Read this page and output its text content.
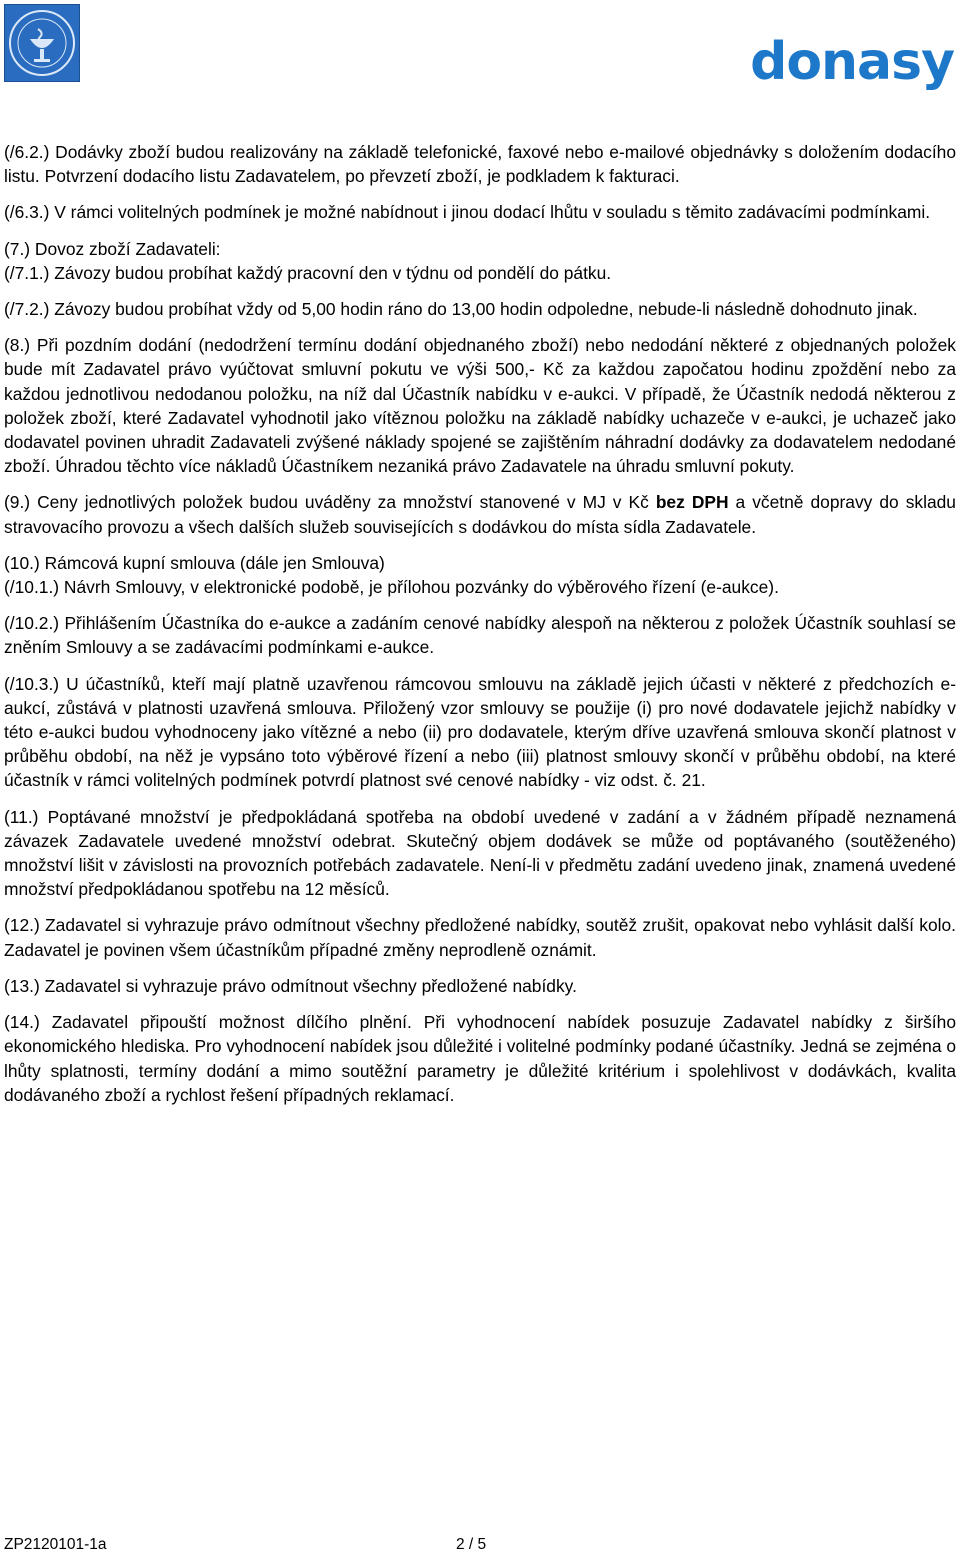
donasy

(/6.2.) Dodávky zboží budou realizovány na základě telefonické, faxové nebo e-mailové objednávky s doložením dodacího listu. Potvrzení dodacího listu Zadavatelem, po převzetí zboží, je podkladem k fakturaci.

(/6.3.) V rámci volitelných podmínek je možné nabídnout i jinou dodací lhůtu v souladu s těmito zadávacími podmínkami.

(7.) Dovoz zboží Zadavateli:

(/7.1.) Závozy budou probíhat každý pracovní den v týdnu od pondělí do pátku.

(/7.2.) Závozy budou probíhat vždy od 5,00 hodin ráno do 13,00 hodin odpoledne, nebude-li následně dohodnuto jinak.

(8.) Při pozdním dodání (nedodržení termínu dodání objednaného zboží) nebo nedodání některé z objednaných položek bude mít Zadavatel právo vyúčtovat smluvní pokutu ve výši 500,- Kč za každou započatou hodinu zpoždění nebo za každou jednotlivou nedodanou položku, na níž dal Účastník nabídku v e-aukci. V případě, že Účastník nedodá některou z položek zboží, které Zadavatel vyhodnotil jako vítěznou položku na základě nabídky uchazeče v e-aukci, je uchazeč jako dodavatel povinen uhradit Zadavateli zvýšené náklady spojené se zajištěním náhradní dodávky za dodavatelem nedodané zboží. Úhradou těchto více nákladů Účastníkem nezaniká právo Zadavatele na úhradu smluvní pokuty.

(9.) Ceny jednotlivých položek budou uváděny za množství stanovené v MJ v Kč bez DPH a včetně dopravy do skladu stravovacího provozu a všech dalších služeb souvisejících s dodávkou do místa sídla Zadavatele.

(10.) Rámcová kupní smlouva (dále jen Smlouva)

(/10.1.) Návrh Smlouvy, v elektronické podobě, je přílohou pozvánky do výběrového řízení (e-aukce).

(/10.2.) Přihlášením Účastníka do e-aukce a zadáním cenové nabídky alespoň na některou z položek Účastník souhlasí se zněním Smlouvy a se zadávacími podmínkami e-aukce.

(/10.3.) U účastníků, kteří mají platně uzavřenou rámcovou smlouvu na základě jejich účasti v některé z předchozích e-aukcí, zůstává v platnosti uzavřená smlouva. Přiložený vzor smlouvy se použije (i) pro nové dodavatele jejichž nabídky v této e-aukci budou vyhodnoceny jako vítězné a nebo (ii) pro dodavatele, kterým dříve uzavřená smlouva skončí platnost v průběhu období, na něž je vypsáno toto výběrové řízení a nebo (iii) platnost smlouvy skončí v průběhu období, na které účastník v rámci volitelných podmínek potvrdí platnost své cenové nabídky - viz odst. č. 21.

(11.) Poptávané množství je předpokládaná spotřeba na období uvedené v zadání a v žádném případě neznamená závazek Zadavatele uvedené množství odebrat. Skutečný objem dodávek se může od poptávaného (soutěženého) množství lišit v závislosti na provozních potřebách zadavatele. Není-li v předmětu zadání uvedeno jinak, znamená uvedené množství předpokládanou spotřebu na 12 měsíců.

(12.) Zadavatel si vyhrazuje právo odmítnout všechny předložené nabídky, soutěž zrušit, opakovat nebo vyhlásit další kolo. Zadavatel je povinen všem účastníkům případné změny neprodleně oznámit.

(13.) Zadavatel si vyhrazuje právo odmítnout všechny předložené nabídky.

(14.) Zadavatel připouští možnost dílčího plnění. Při vyhodnocení nabídek posuzuje Zadavatel nabídky z širšího ekonomického hlediska. Pro vyhodnocení nabídek jsou důležité i volitelné podmínky podané účastníky. Jedná se zejména o lhůty splatnosti, termíny dodání a mimo soutěžní parametry je důležité kritérium i spolehlivost v dodávkách, kvalita dodávaného zboží a rychlost řešení případných reklamací.

ZP2120101-1a	2 / 5
